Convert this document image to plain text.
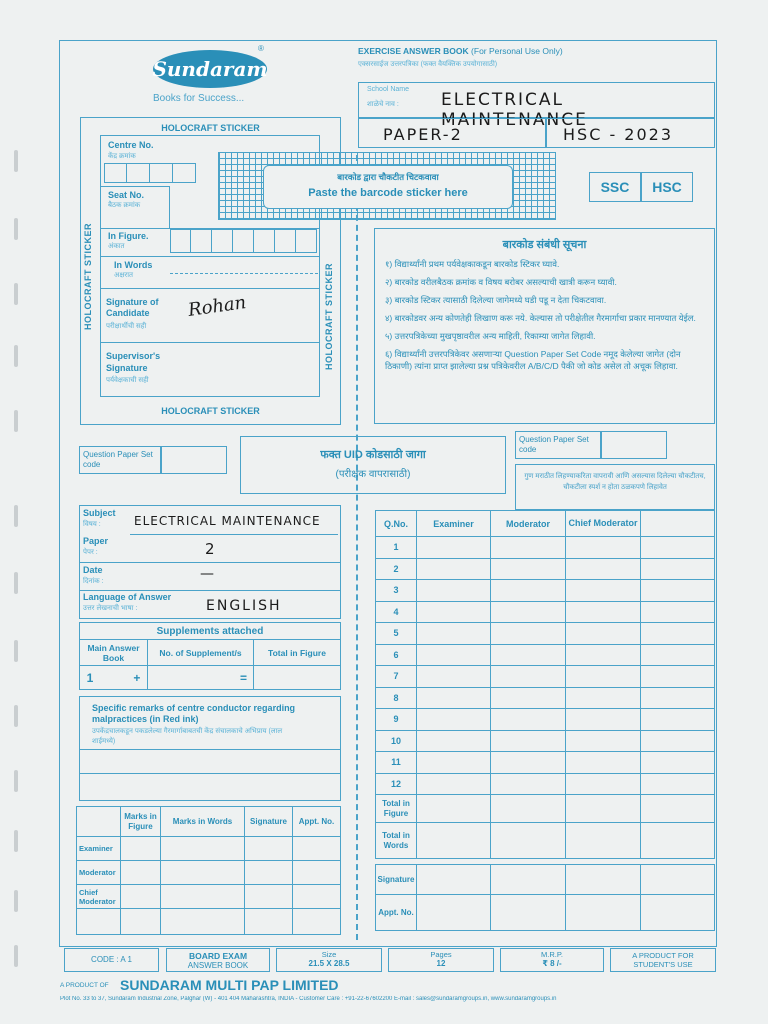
Sundaram
®
Books for Success...
EXERCISE ANSWER BOOK (For Personal Use Only)
एक्सरसाईज उत्तरपत्रिका (फक्त वैयक्तिक उपयोगासाठी)
School Name
शाळेचे नाव : ELECTRICAL MAINTENANCE
PAPER-2	HSC - 2023
HOLOCRAFT STICKER
HOLOCRAFT STICKER	HOLOCRAFT STICKER
HOLOCRAFT STICKER
Centre No.
केंद्र क्रमांक
Seat No.
बैठक क्रमांक
In Figure.
अंकात
In Words
अक्षरात
Signature of Candidate
परीक्षार्थीची सही
Rohan
Supervisor's Signature
पर्यवेक्षकाची सही
बारकोड द्वारा चौकटीत चिटकवावा
Paste the barcode sticker here	SSC	HSC
बारकोड संबंधी सूचना
१) विद्यार्थ्यांनी प्रथम पर्यवेक्षकाकडून बारकोड स्टिकर घ्यावे.
२) बारकोड वरीलबैठक क्रमांक व विषय बरोबर असल्याची खात्री करून घ्यावी.
३) बारकोड स्टिकर त्यासाठी दिलेल्या जागेमध्ये घडी पडू न देता चिकटवावा.
४) बारकोडवर अन्य कोणतेही लिखाण करू नये. केल्यास तो परीक्षेतील गैरमार्गाचा प्रकार मानण्यात येईल.
५) उत्तरपत्रिकेच्या मुखपृष्ठावरील अन्य माहिती, रिकाम्या जागेत लिहावी.
६) विद्यार्थ्यांनी उत्तरपत्रिकेवर असणाऱ्या Question Paper Set Code नमूद केलेल्या जागेत (दोन ठिकाणी) त्यांना प्राप्त झालेल्या प्रश्न पत्रिकेवरील A/B/C/D पैकी जो कोड असेल तो अचूक लिहावा.
Question Paper Set code
फक्त UID कोडसाठी जागा
(परीक्षक वापरासाठी)
Question Paper Set code
गुण मराठीत लिहण्याकरिता वापरावी आणि असल्यास दिलेल्या चौकटीतच, चौकटीला स्पर्श न होता ठळकपणे लिहावेत
Subject
विषय :	ELECTRICAL MAINTENANCE
Paper
पेपर :	2
Date
दिनांक :	—
Language of Answer
उत्तर लेखनाची भाषा :	ENGLISH
Supplements attached		
Main Answer Book	No. of Supplement/s	Total in Figure
1 +	=	
Specific remarks of centre conductor regarding malpractices (in Red ink)
उपकेंद्रचालकडून पकडलेल्या गैरमार्गाबाबतची केंद्र संचालकाचे अभिप्राय (लाल शाईमध्ये)
	Marks in Figure	Marks in Words	Signature	Appt. No.
Examiner				
Moderator				
Chief Moderator				

Q.No.	Examiner	Moderator	Chief Moderator	
1				
2				
3				
4				
5				
6				
7				
8				
9				
10				
11				
12				
Total in Figure				
Total in Words				

Signature				
Appt. No.				
CODE : A 1	BOARD EXAM
ANSWER BOOK
Size
21.5 X 28.5
Pages
12
M.R.P.
₹ 8 /-
A PRODUCT FOR
STUDENT'S USE
A PRODUCT OF SUNDARAM MULTI PAP LIMITED
Plot No. 33 to 37, Sundaram Industrial Zone, Palghar (W) - 401 404 Maharashtra, INDIA - Customer Care : +91-22-67602200 E-mail : sales@sundaramgroups.in, www.sundaramgroups.in
